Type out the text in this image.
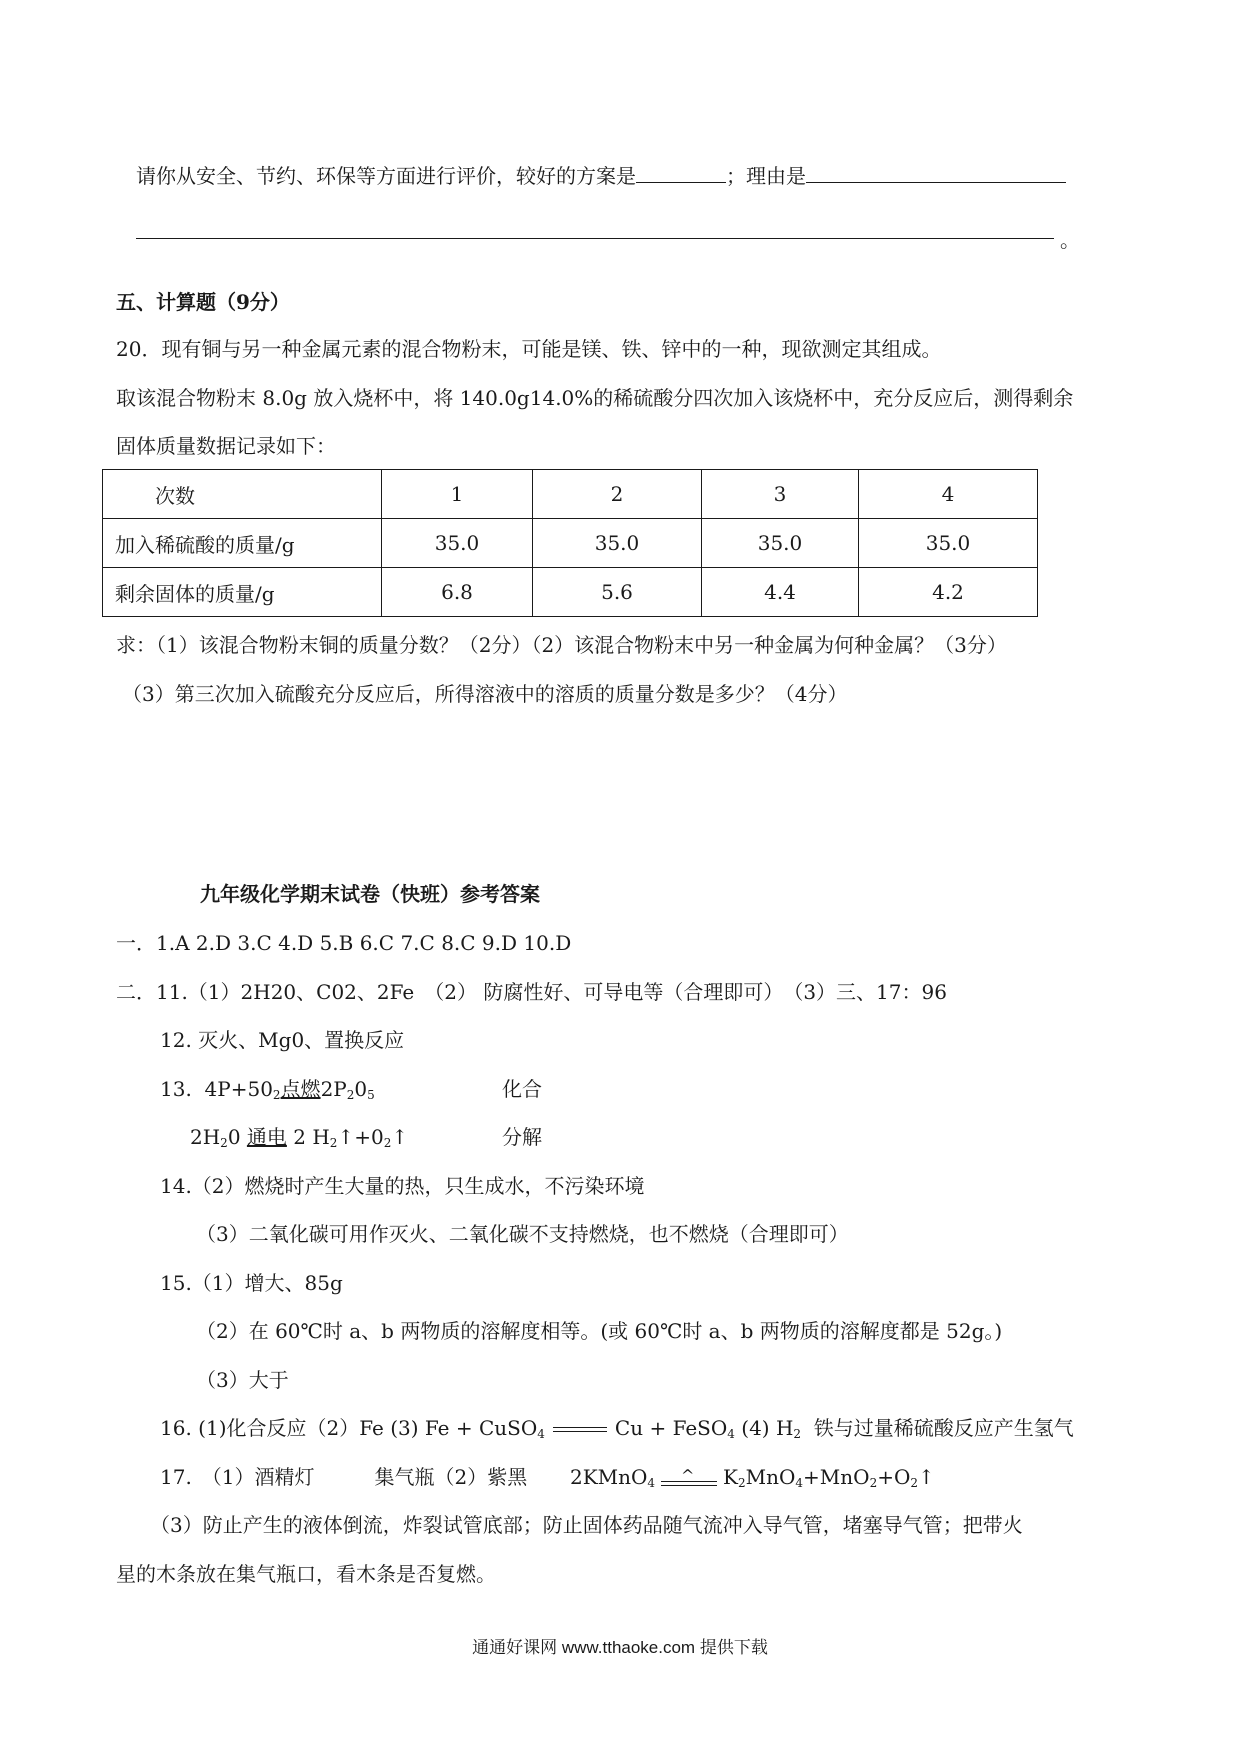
请你从安全、节约、环保等方面进行评价，较好的方案是	；理由是
。
五、计算题（9分）
20．现有铜与另一种金属元素的混合物粉末，可能是镁、铁、锌中的一种，现欲测定其组成。
取该混合物粉末 8.0g 放入烧杯中，将 140.0g14.0%的稀硫酸分四次加入该烧杯中，充分反应后，测得剩余
固体质量数据记录如下：
次数	1	2	3	4
加入稀硫酸的质量/g	35.0	35.0	35.0	35.0
剩余固体的质量/g	6.8	5.6	4.4	4.2
求：（1）该混合物粉末铜的质量分数？（2分）（2）该混合物粉末中另一种金属为何种金属？（3分）
（3）第三次加入硫酸充分反应后，所得溶液中的溶质的质量分数是多少？（4分）
九年级化学期末试卷（快班）参考答案
一．1.A 2.D 3.C 4.D 5.B 6.C 7.C 8.C 9.D 10.D
二．11.（1）2H20、C02、2Fe　（2） 防腐性好、可导电等（合理即可）　（3）三、17：96
12. 灭火、Mg0、置换反应
13. $4P+50_2$点燃$2P_20_5$	化合
$2H_20$ 通电 2 $H_2↑+0_2↑$	分解
14.（2）燃烧时产生大量的热，只生成水，不污染环境
（3）二氧化碳可用作灭火、二氧化碳不支持燃烧，也不燃烧（合理即可）
15.（1）增大、85g
（2）在 60℃时 a、b 两物质的溶解度相等。(或 60℃时 a、b 两物质的溶解度都是 52g。)
（3）大于
16. (1)化合反应（2）Fe (3) Fe + CuSO$_4$	Cu + FeSO$_4$ (4) $H_2$ 铁与过量稀硫酸反应产生氢气
17.　（1）酒精灯　　　集气瓶（2）紫黑 2KMnO$_4$ ^ $K_2MnO_4+MnO_2+O_2↑$
（3）防止产生的液体倒流，炸裂试管底部；防止固体药品随气流冲入导气管，堵塞导气管；把带火
星的木条放在集气瓶口，看木条是否复燃。
通通好课网 www.tthaoke.com 提供下载
